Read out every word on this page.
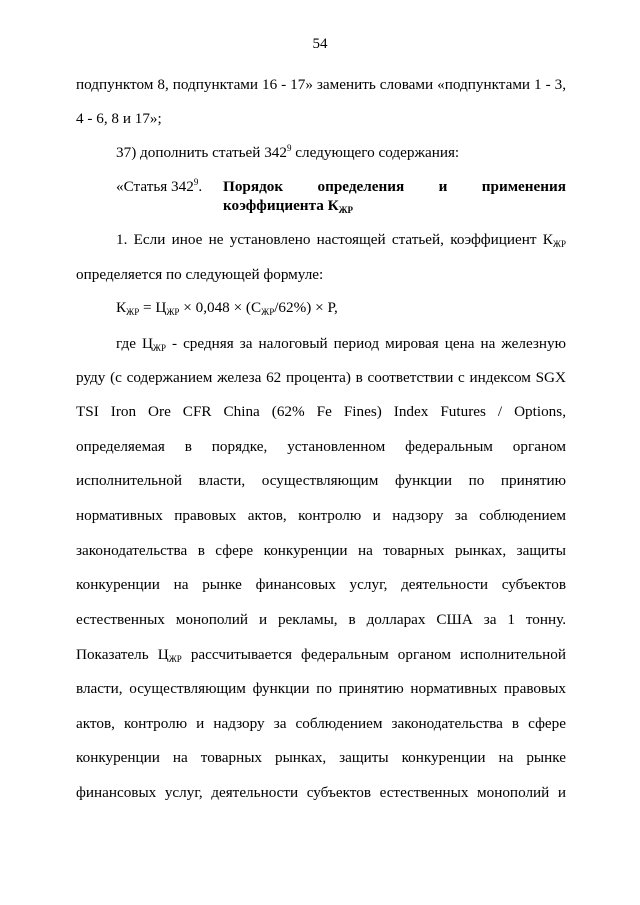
54
подпунктом 8, подпунктами 16 - 17» заменить словами «подпунктами 1 - 3,
4 - 6, 8 и 17»;
37) дополнить статьей $342^9$ следующего содержания:
«Статья $342^9$. Порядок определения и применения
коэффициента $К_{ЖР}$
1. Если иное не установлено настоящей статьей, коэффициент $К_{ЖР}$
определяется по следующей формуле:
$К_{ЖР} = Ц_{ЖР} \times 0,048 \times (С_{ЖР}/62\%) \times Р$,
где $Ц_{ЖР}$ - средняя за налоговый период мировая цена на железную
руду (с содержанием железа 62 процента) в соответствии с индексом SGX
TSI Iron Ore CFR China (62% Fe Fines) Index Futures / Options,
определяемая в порядке, установленном федеральным органом
исполнительной власти, осуществляющим функции по принятию
нормативных правовых актов, контролю и надзору за соблюдением
законодательства в сфере конкуренции на товарных рынках, защиты
конкуренции на рынке финансовых услуг, деятельности субъектов
естественных монополий и рекламы, в долларах США за 1 тонну.
Показатель $Ц_{ЖР}$ рассчитывается федеральным органом исполнительной
власти, осуществляющим функции по принятию нормативных правовых
актов, контролю и надзору за соблюдением законодательства в сфере
конкуренции на товарных рынках, защиты конкуренции на рынке
финансовых услуг, деятельности субъектов естественных монополий и
